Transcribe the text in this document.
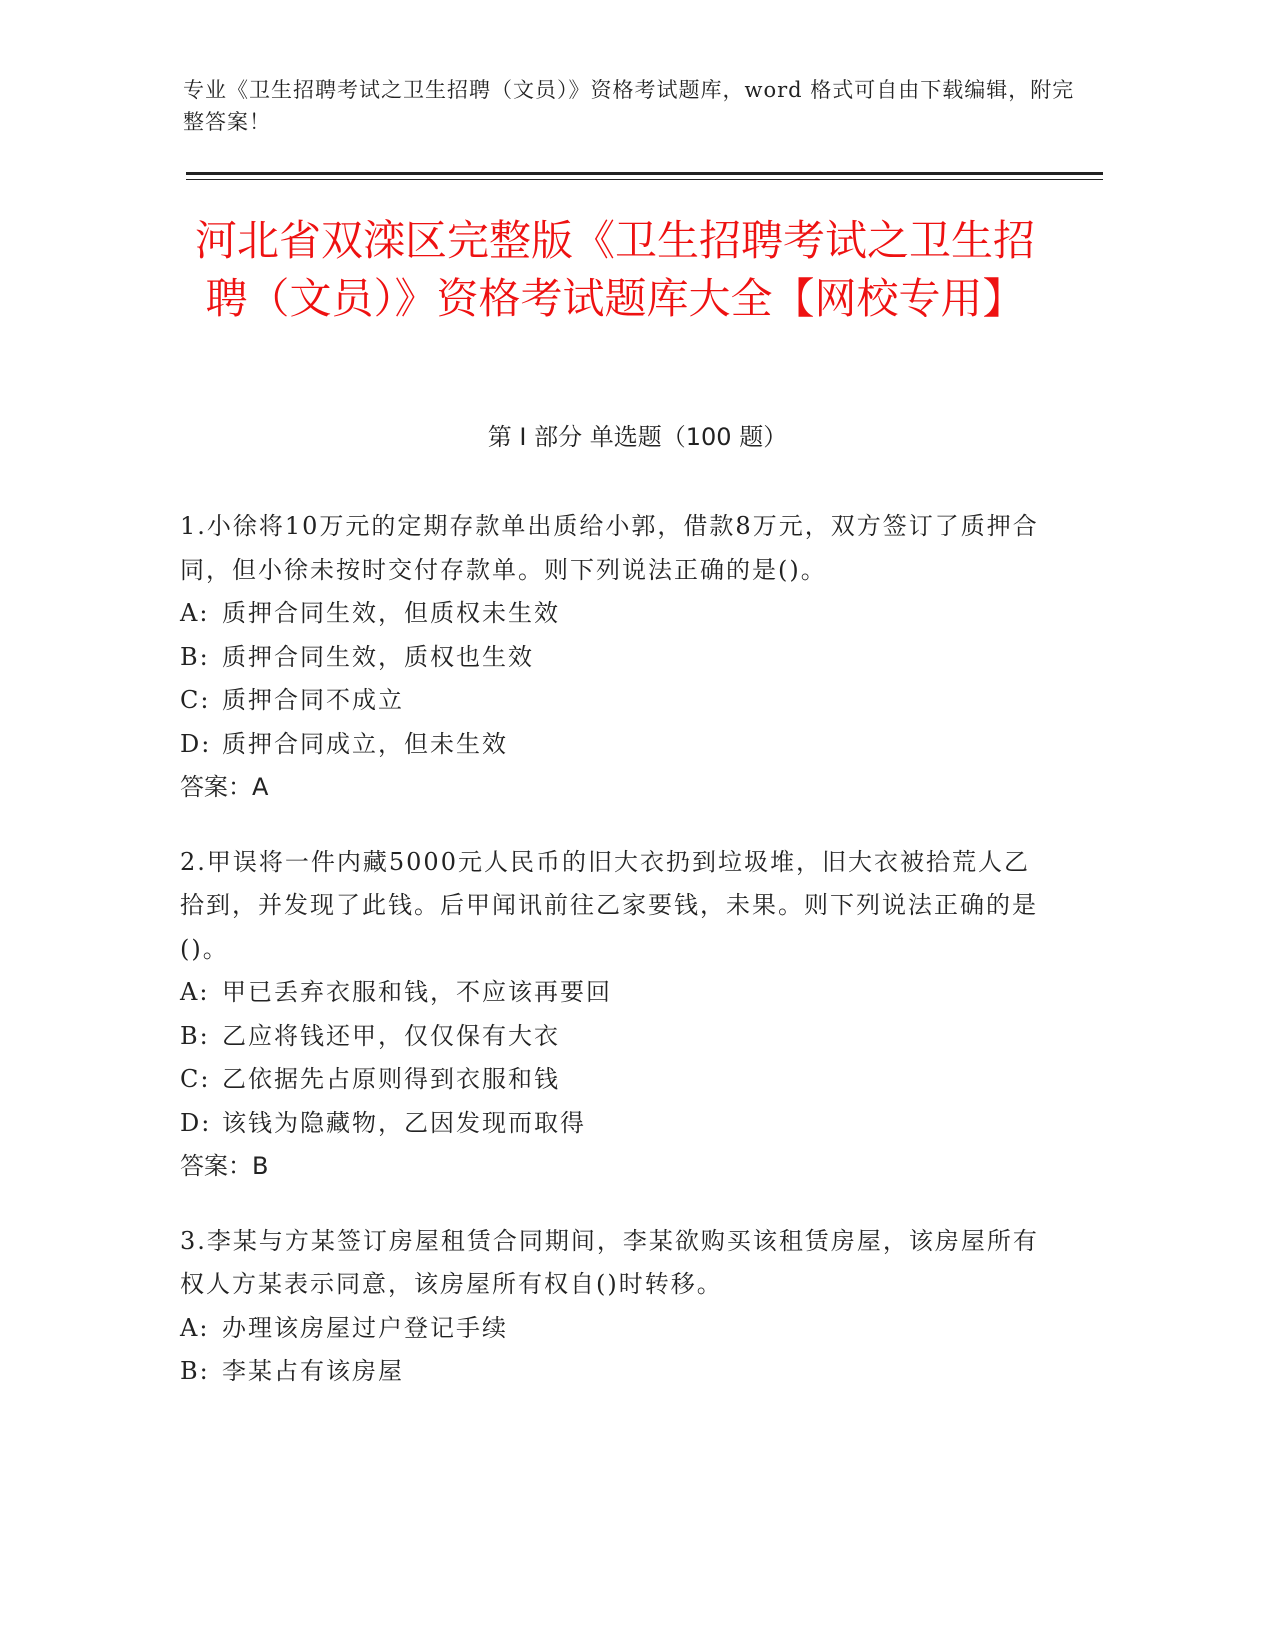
专业《卫生招聘考试之卫生招聘（文员）》资格考试题库，word 格式可自由下载编辑，附完整答案！
河北省双滦区完整版《卫生招聘考试之卫生招聘（文员）》资格考试题库大全【网校专用】
第 I 部分 单选题（100 题）
1.小徐将10万元的定期存款单出质给小郭，借款8万元，双方签订了质押合同，但小徐未按时交付存款单。则下列说法正确的是()。
A: 质押合同生效，但质权未生效
B: 质押合同生效，质权也生效
C: 质押合同不成立
D: 质押合同成立，但未生效
答案：A
2.甲误将一件内藏5000元人民币的旧大衣扔到垃圾堆，旧大衣被拾荒人乙拾到，并发现了此钱。后甲闻讯前往乙家要钱，未果。则下列说法正确的是()。
A: 甲已丢弃衣服和钱，不应该再要回
B: 乙应将钱还甲，仅仅保有大衣
C: 乙依据先占原则得到衣服和钱
D: 该钱为隐藏物，乙因发现而取得
答案：B
3.李某与方某签订房屋租赁合同期间，李某欲购买该租赁房屋，该房屋所有权人方某表示同意，该房屋所有权自()时转移。
A: 办理该房屋过户登记手续
B: 李某占有该房屋
